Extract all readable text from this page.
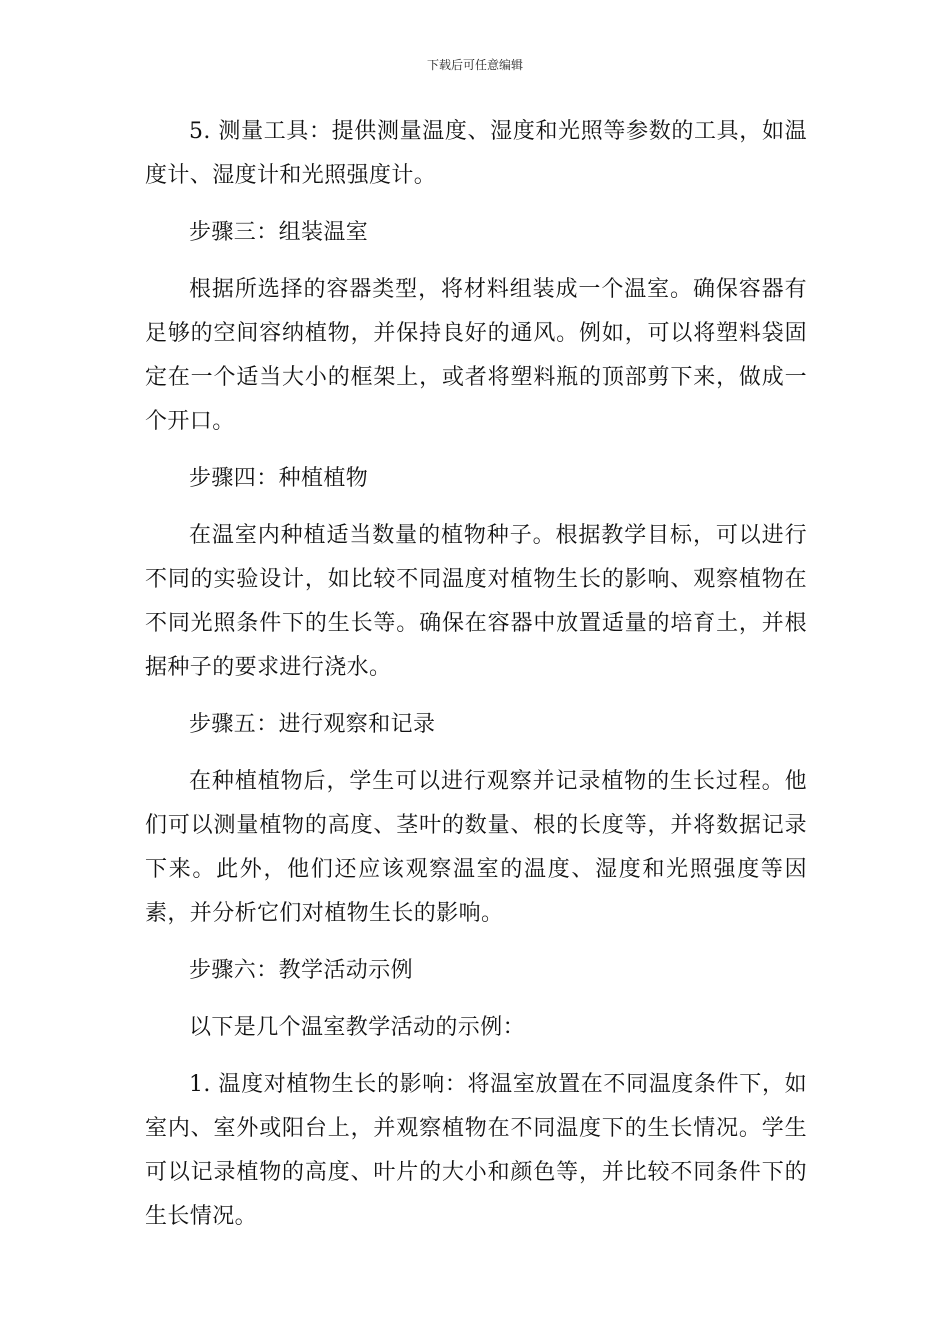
下载后可任意编辑

5. 测量工具：提供测量温度、湿度和光照等参数的工具，如温度计、湿度计和光照强度计。

步骤三：组装温室

根据所选择的容器类型，将材料组装成一个温室。确保容器有足够的空间容纳植物，并保持良好的通风。例如，可以将塑料袋固定在一个适当大小的框架上，或者将塑料瓶的顶部剪下来，做成一个开口。

步骤四：种植植物

在温室内种植适当数量的植物种子。根据教学目标，可以进行不同的实验设计，如比较不同温度对植物生长的影响、观察植物在不同光照条件下的生长等。确保在容器中放置适量的培育土，并根据种子的要求进行浇水。

步骤五：进行观察和记录

在种植植物后，学生可以进行观察并记录植物的生长过程。他们可以测量植物的高度、茎叶的数量、根的长度等，并将数据记录下来。此外，他们还应该观察温室的温度、湿度和光照强度等因素，并分析它们对植物生长的影响。

步骤六：教学活动示例

以下是几个温室教学活动的示例：

1. 温度对植物生长的影响：将温室放置在不同温度条件下，如室内、室外或阳台上，并观察植物在不同温度下的生长情况。学生可以记录植物的高度、叶片的大小和颜色等，并比较不同条件下的生长情况。
